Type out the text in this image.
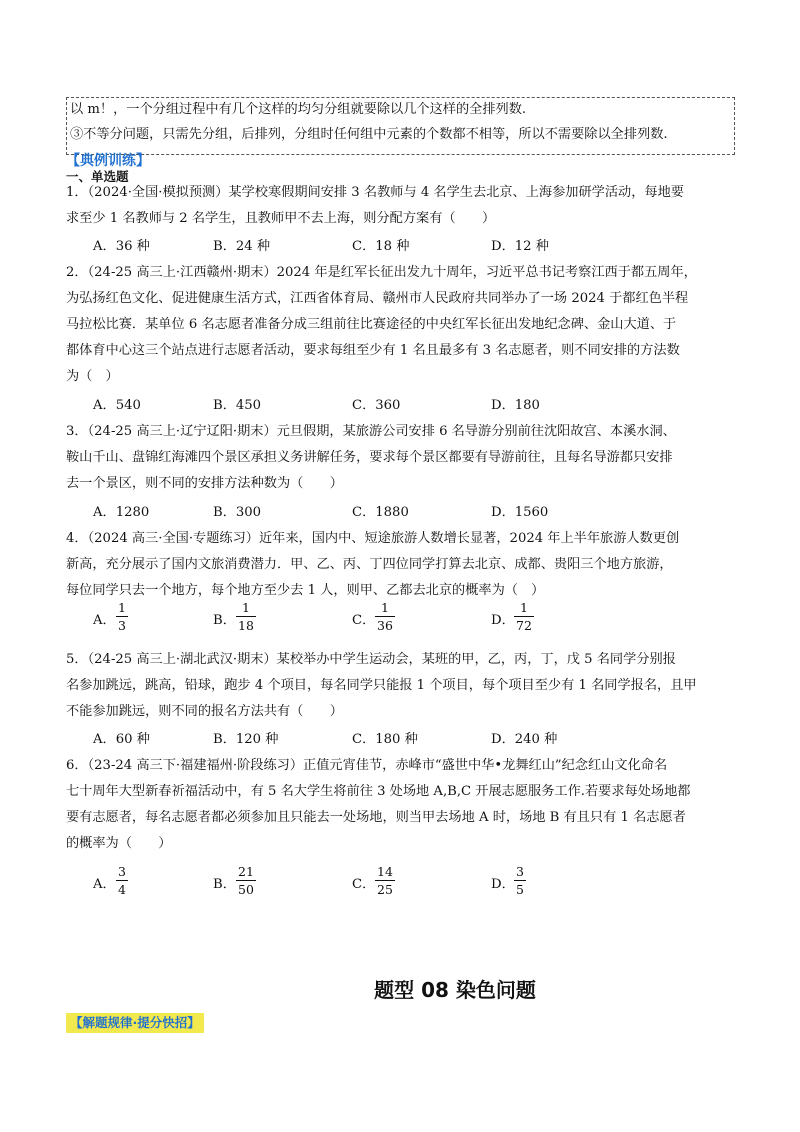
以 m！，一个分组过程中有几个这样的均匀分组就要除以几个这样的全排列数.
③不等分问题，只需先分组，后排列，分组时任何组中元素的个数都不相等，所以不需要除以全排列数.
【典例训练】
一、单选题
1．（2024·全国·模拟预测）某学校寒假期间安排 3 名教师与 4 名学生去北京、上海参加研学活动，每地要
求至少 1 名教师与 2 名学生，且教师甲不去上海，则分配方案有（　　）
A．36 种	B．24 种	C．18 种	D．12 种
2．（24-25 高三上·江西赣州·期末）2024 年是红军长征出发九十周年，习近平总书记考察江西于都五周年，
为弘扬红色文化、促进健康生活方式，江西省体育局、赣州市人民政府共同举办了一场 2024 于都红色半程
马拉松比赛．某单位 6 名志愿者准备分成三组前往比赛途径的中央红军长征出发地纪念碑、金山大道、于
都体育中心这三个站点进行志愿者活动，要求每组至少有 1 名且最多有 3 名志愿者，则不同安排的方法数
为（　）
A．540	B．450	C．360	D．180
3．（24-25 高三上·辽宁辽阳·期末）元旦假期，某旅游公司安排 6 名导游分别前往沈阳故宫、本溪水洞、
鞍山千山、盘锦红海滩四个景区承担义务讲解任务，要求每个景区都要有导游前往，且每名导游都只安排
去一个景区，则不同的安排方法种数为（　　）
A．1280	B．300	C．1880	D．1560
4．（2024 高三·全国·专题练习）近年来，国内中、短途旅游人数增长显著，2024 年上半年旅游人数更创
新高，充分展示了国内文旅消费潜力．甲、乙、丙、丁四位同学打算去北京、成都、贵阳三个地方旅游，
每位同学只去一个地方，每个地方至少去 1 人，则甲、乙都去北京的概率为（　）
A．
1
3	B．
1
18	C．
1
36	D．
1
72
5．（24-25 高三上·湖北武汉·期末）某校举办中学生运动会，某班的甲，乙，丙，丁，戊 5 名同学分别报
名参加跳远，跳高，铅球，跑步 4 个项目，每名同学只能报 1 个项目，每个项目至少有 1 名同学报名，且甲
不能参加跳远，则不同的报名方法共有（　　）
A．60 种	B．120 种	C．180 种	D．240 种
6．（23-24 高三下·福建福州·阶段练习）正值元宵佳节，赤峰市“盛世中华•龙舞红山”纪念红山文化命名
七十周年大型新春祈福活动中，有 5 名大学生将前往 3 处场地 A,B,C 开展志愿服务工作.若要求每处场地都
要有志愿者，每名志愿者都必须参加且只能去一处场地，则当甲去场地 A 时，场地 B 有且只有 1 名志愿者
的概率为（　　）
A．
3
4	B．
21
50	C．
14
25	D．
3
5
题型 08 染色问题
【解题规律·提分快招】
